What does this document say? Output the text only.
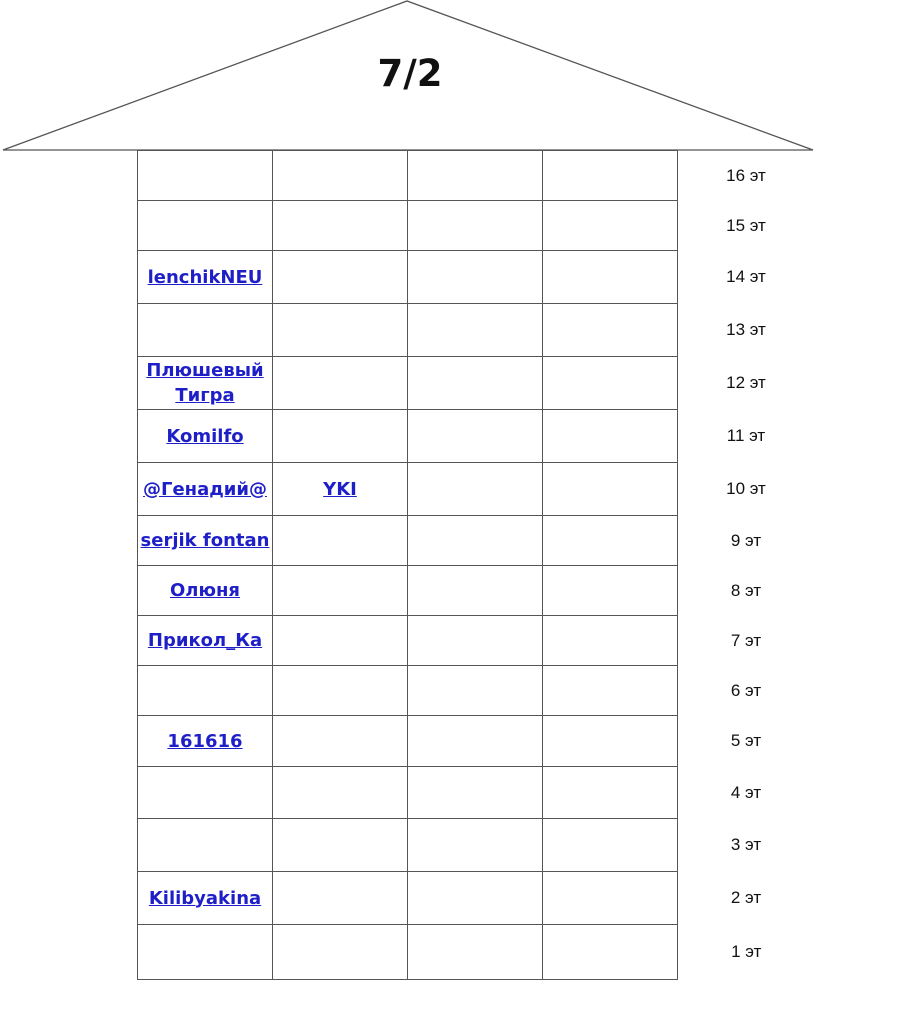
7/2
				16 эт
				15 эт
lenchikNEU				14 эт
				13 эт
Плюшевый Тигра				12 эт
Komilfo				11 эт
@Генадий@	YKI			10 эт
serjik fontan				9 эт
Олюня				8 эт
Прикол_Ка				7 эт
				6 эт
161616				5 эт
				4 эт
				3 эт
Kilibyakina				2 эт
				1 эт
